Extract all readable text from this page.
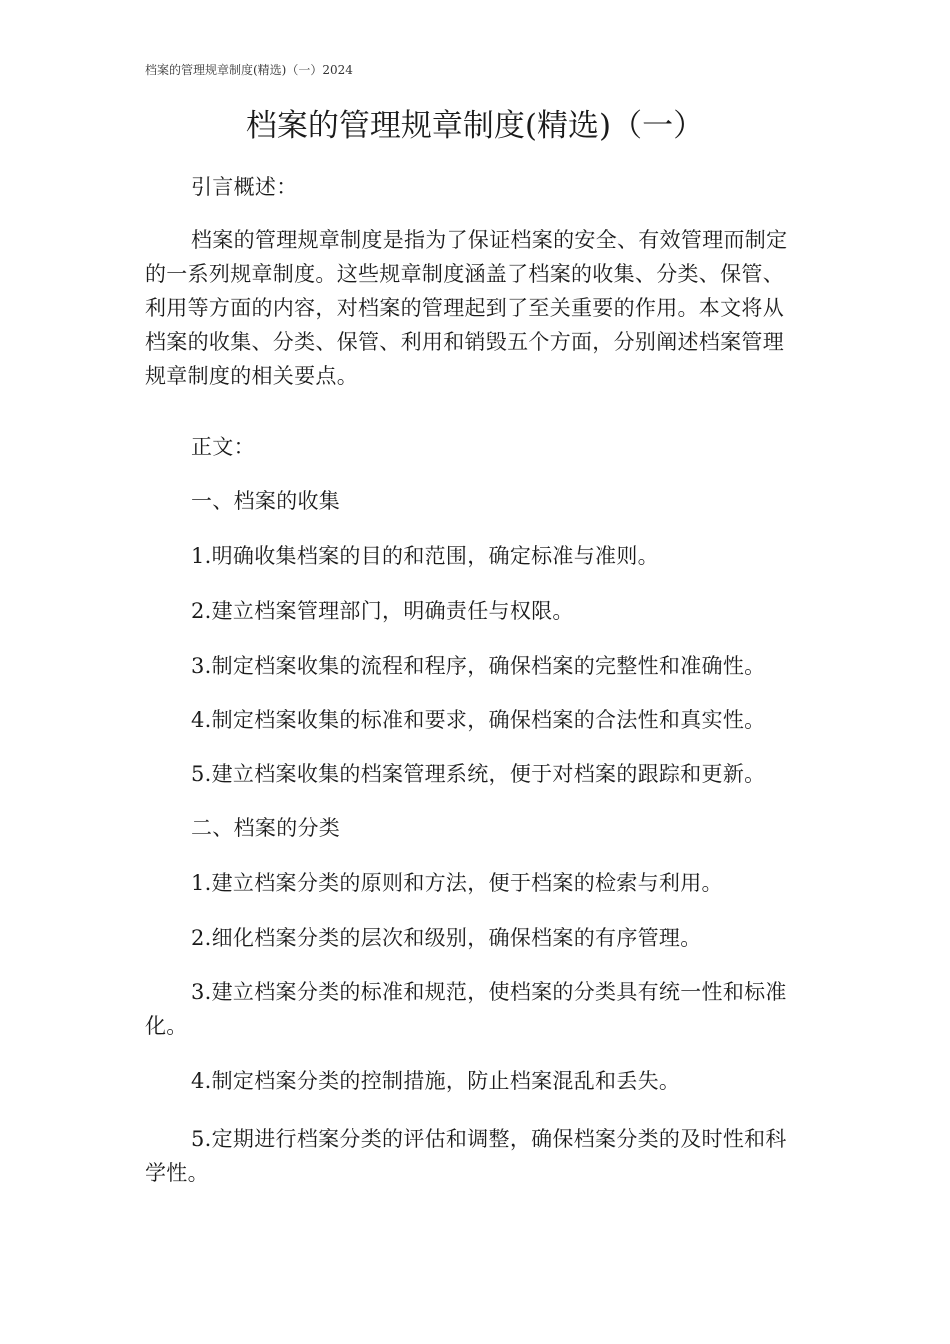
档案的管理规章制度(精选)（一）2024
档案的管理规章制度(精选)（一）

引言概述：

档案的管理规章制度是指为了保证档案的安全、有效管理而制定的一系列规章制度。这些规章制度涵盖了档案的收集、分类、保管、利用等方面的内容，对档案的管理起到了至关重要的作用。本文将从档案的收集、分类、保管、利用和销毁五个方面，分别阐述档案管理规章制度的相关要点。

正文：

一、档案的收集

1.明确收集档案的目的和范围，确定标准与准则。

2.建立档案管理部门，明确责任与权限。

3.制定档案收集的流程和程序，确保档案的完整性和准确性。

4.制定档案收集的标准和要求，确保档案的合法性和真实性。

5.建立档案收集的档案管理系统，便于对档案的跟踪和更新。

二、档案的分类

1.建立档案分类的原则和方法，便于档案的检索与利用。

2.细化档案分类的层次和级别，确保档案的有序管理。

3.建立档案分类的标准和规范，使档案的分类具有统一性和标准化。

4.制定档案分类的控制措施，防止档案混乱和丢失。

5.定期进行档案分类的评估和调整，确保档案分类的及时性和科学性。
